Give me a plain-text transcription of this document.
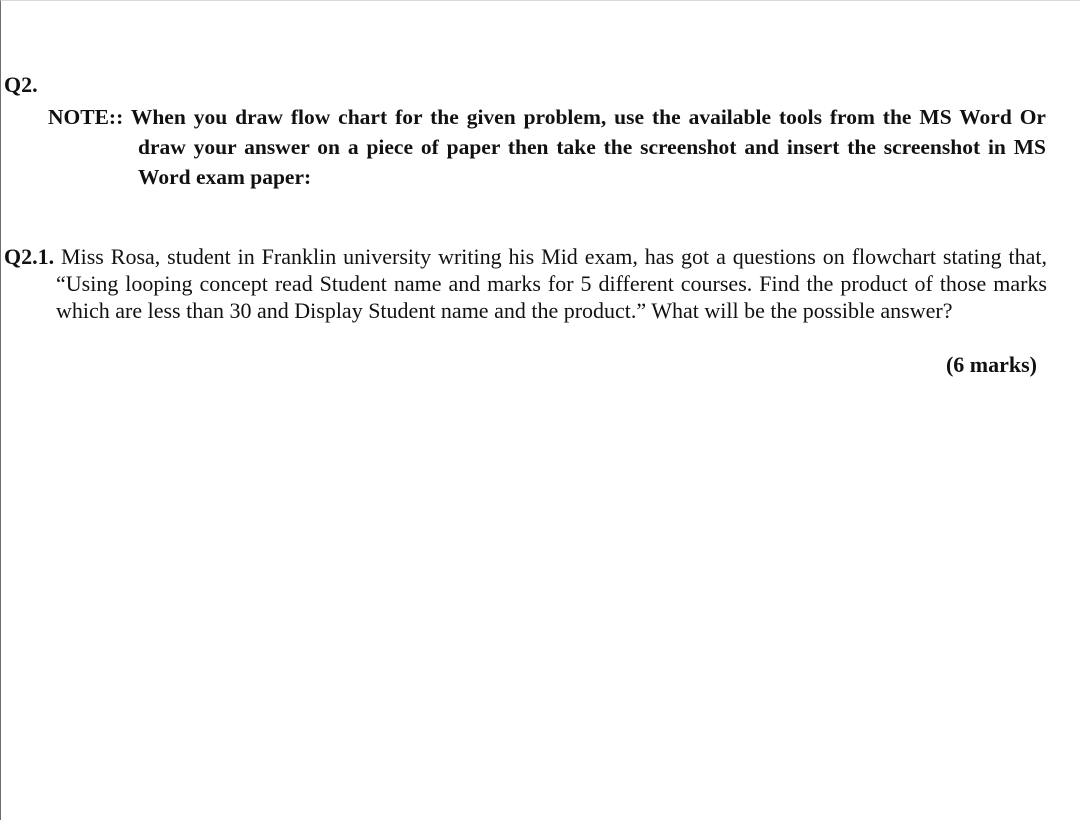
Q2.
NOTE:: When you draw flow chart for the given problem, use the available tools from the MS Word Or draw your answer on a piece of paper then take the screenshot and insert the screenshot in MS Word exam paper:
Q2.1. Miss Rosa, student in Franklin university writing his Mid exam, has got a questions on flowchart stating that, “Using looping concept read Student name and marks for 5 different courses. Find the product of those marks which are less than 30 and Display Student name and the product.” What will be the possible answer?
(6 marks)
